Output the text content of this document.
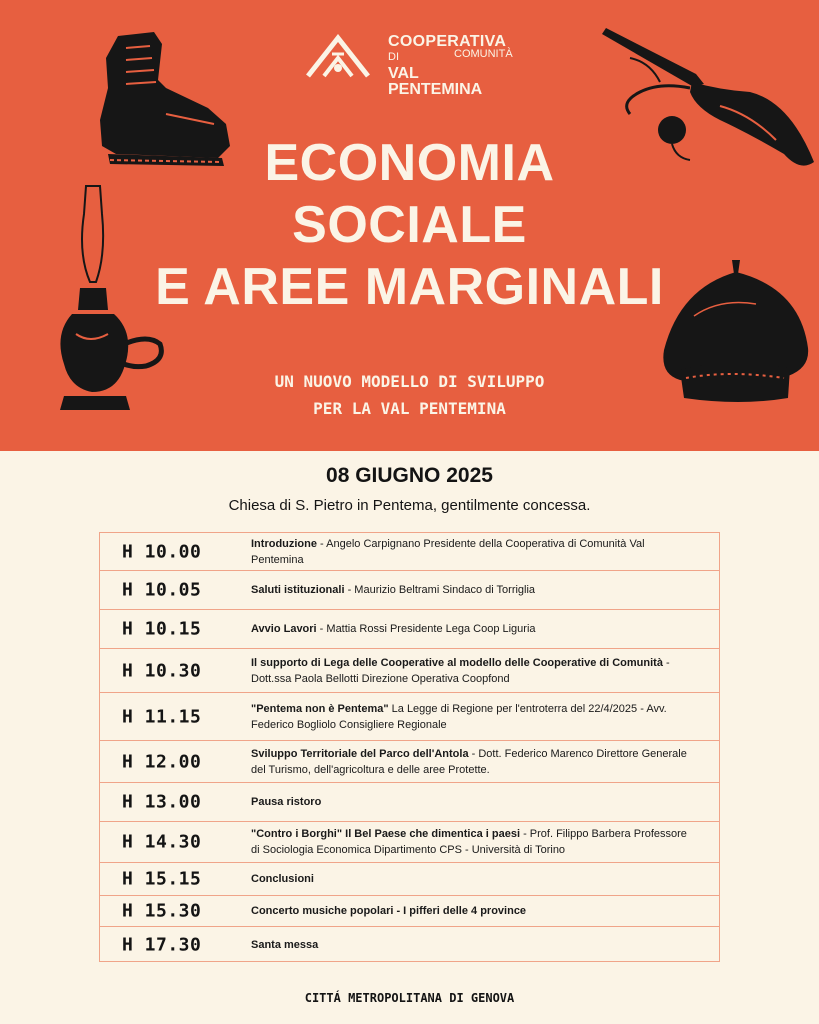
COOPERATIVA
DI	COMUNITÀ
VAL PENTEMINA
ECONOMIA
SOCIALE
E AREE MARGINALI
UN NUOVO MODELLO DI SVILUPPO
PER LA VAL PENTEMINA
08 GIUGNO 2025
Chiesa di S. Pietro in Pentema, gentilmente concessa.
H 10.00	Introduzione - Angelo Carpignano Presidente della Cooperativa di Comunità Val Pentemina
H 10.05	Saluti istituzionali - Maurizio Beltrami Sindaco di Torriglia
H 10.15	Avvio Lavori - Mattia Rossi Presidente Lega Coop Liguria
H 10.30	Il supporto di Lega delle Cooperative al modello delle Cooperative di Comunità - Dott.ssa Paola Bellotti Direzione Operativa Coopfond
H 11.15	"Pentema non è Pentema" La Legge di Regione per l'entroterra del 22/4/2025 - Avv. Federico Bogliolo Consigliere Regionale
H 12.00	Sviluppo Territoriale del Parco dell'Antola - Dott. Federico Marenco Direttore Generale del Turismo, dell'agricoltura e delle aree Protette.
H 13.00	Pausa ristoro
H 14.30	"Contro i Borghi" Il Bel Paese che dimentica i paesi - Prof. Filippo Barbera Professore di Sociologia Economica Dipartimento CPS - Università di Torino
H 15.15	Conclusioni
H 15.30	Concerto musiche popolari - I pifferi delle 4 province
H 17.30	Santa messa
CITTÁ METROPOLITANA DI GENOVA
